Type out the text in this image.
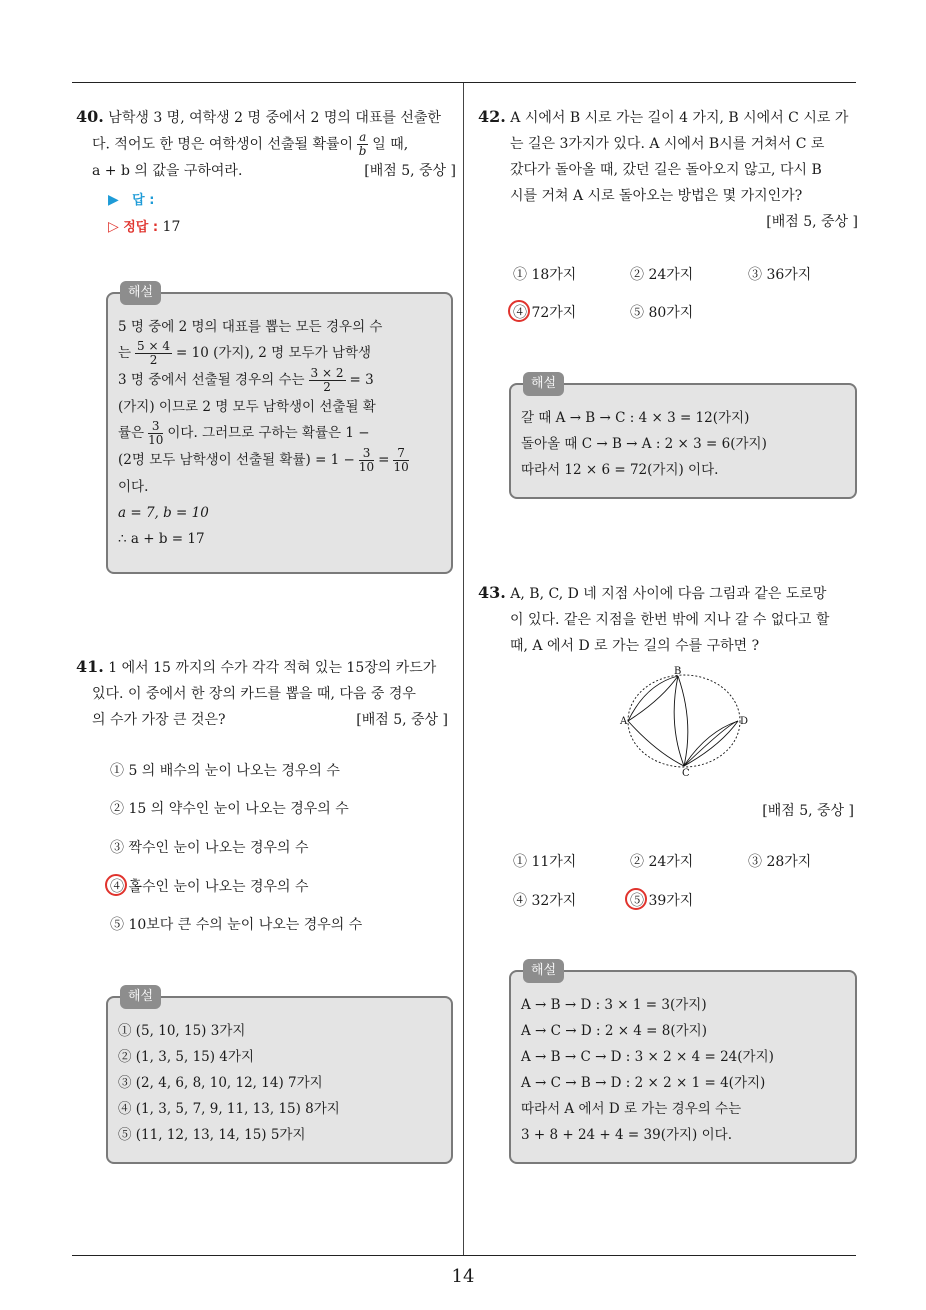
40. 남학생 3 명, 여학생 2 명 중에서 2 명의 대표를 선출한
다. 적어도 한 명은 여학생이 선출될 확률이 $\frac{a}{b}$ 일 때,
a + b 의 값을 구하여라.	[배점 5, 중상 ]
▶ 답 :
▷ 정답 : 17
해설
5 명 중에 2 명의 대표를 뽑는 모든 경우의 수
는 $\frac{5 \times 4}{2} = 10$ (가지), 2 명 모두가 남학생
3 명 중에서 선출될 경우의 수는 $\frac{3 \times 2}{2} = 3$
(가지) 이므로 2 명 모두 남학생이 선출될 확
률은 $\frac{3}{10}$ 이다. 그러므로 구하는 확률은 1 −
(2명 모두 남학생이 선출될 확률) = $1 - \frac{3}{10} = \frac{7}{10}$
이다.
a = 7, b = 10
∴ a + b = 17
41. 1 에서 15 까지의 수가 각각 적혀 있는 15장의 카드가
있다. 이 중에서 한 장의 카드를 뽑을 때, 다음 중 경우
의 수가 가장 큰 것은?	[배점 5, 중상 ]
① 5 의 배수의 눈이 나오는 경우의 수
② 15 의 약수인 눈이 나오는 경우의 수
③ 짝수인 눈이 나오는 경우의 수
④ 홀수인 눈이 나오는 경우의 수
⑤ 10보다 큰 수의 눈이 나오는 경우의 수
해설
① (5, 10, 15) 3가지
② (1, 3, 5, 15) 4가지
③ (2, 4, 6, 8, 10, 12, 14) 7가지
④ (1, 3, 5, 7, 9, 11, 13, 15) 8가지
⑤ (11, 12, 13, 14, 15) 5가지
42. A 시에서 B 시로 가는 길이 4 가지, B 시에서 C 시로 가
는 길은 3가지가 있다. A 시에서 B시를 거쳐서 C 로
갔다가 돌아올 때, 갔던 길은 돌아오지 않고, 다시 B
시를 거쳐 A 시로 돌아오는 방법은 몇 가지인가?
[배점 5, 중상 ]
① 18가지	② 24가지	③ 36가지
④ 72가지	⑤ 80가지
해설
갈 때 A → B → C : 4 × 3 = 12(가지)
돌아올 때 C → B → A : 2 × 3 = 6(가지)
따라서 12 × 6 = 72(가지) 이다.
43. A, B, C, D 네 지점 사이에 다음 그림과 같은 도로망
이 있다. 같은 지점을 한번 밖에 지나 갈 수 없다고 할
때, A 에서 D 로 가는 길의 수를 구하면 ?
B
A	D
C
[배점 5, 중상 ]
① 11가지	② 24가지	③ 28가지
④ 32가지	⑤ 39가지
해설
A → B → D : 3 × 1 = 3(가지)
A → C → D : 2 × 4 = 8(가지)
A → B → C → D : 3 × 2 × 4 = 24(가지)
A → C → B → D : 2 × 2 × 1 = 4(가지)
따라서 A 에서 D 로 가는 경우의 수는
3 + 8 + 24 + 4 = 39(가지) 이다.
14
